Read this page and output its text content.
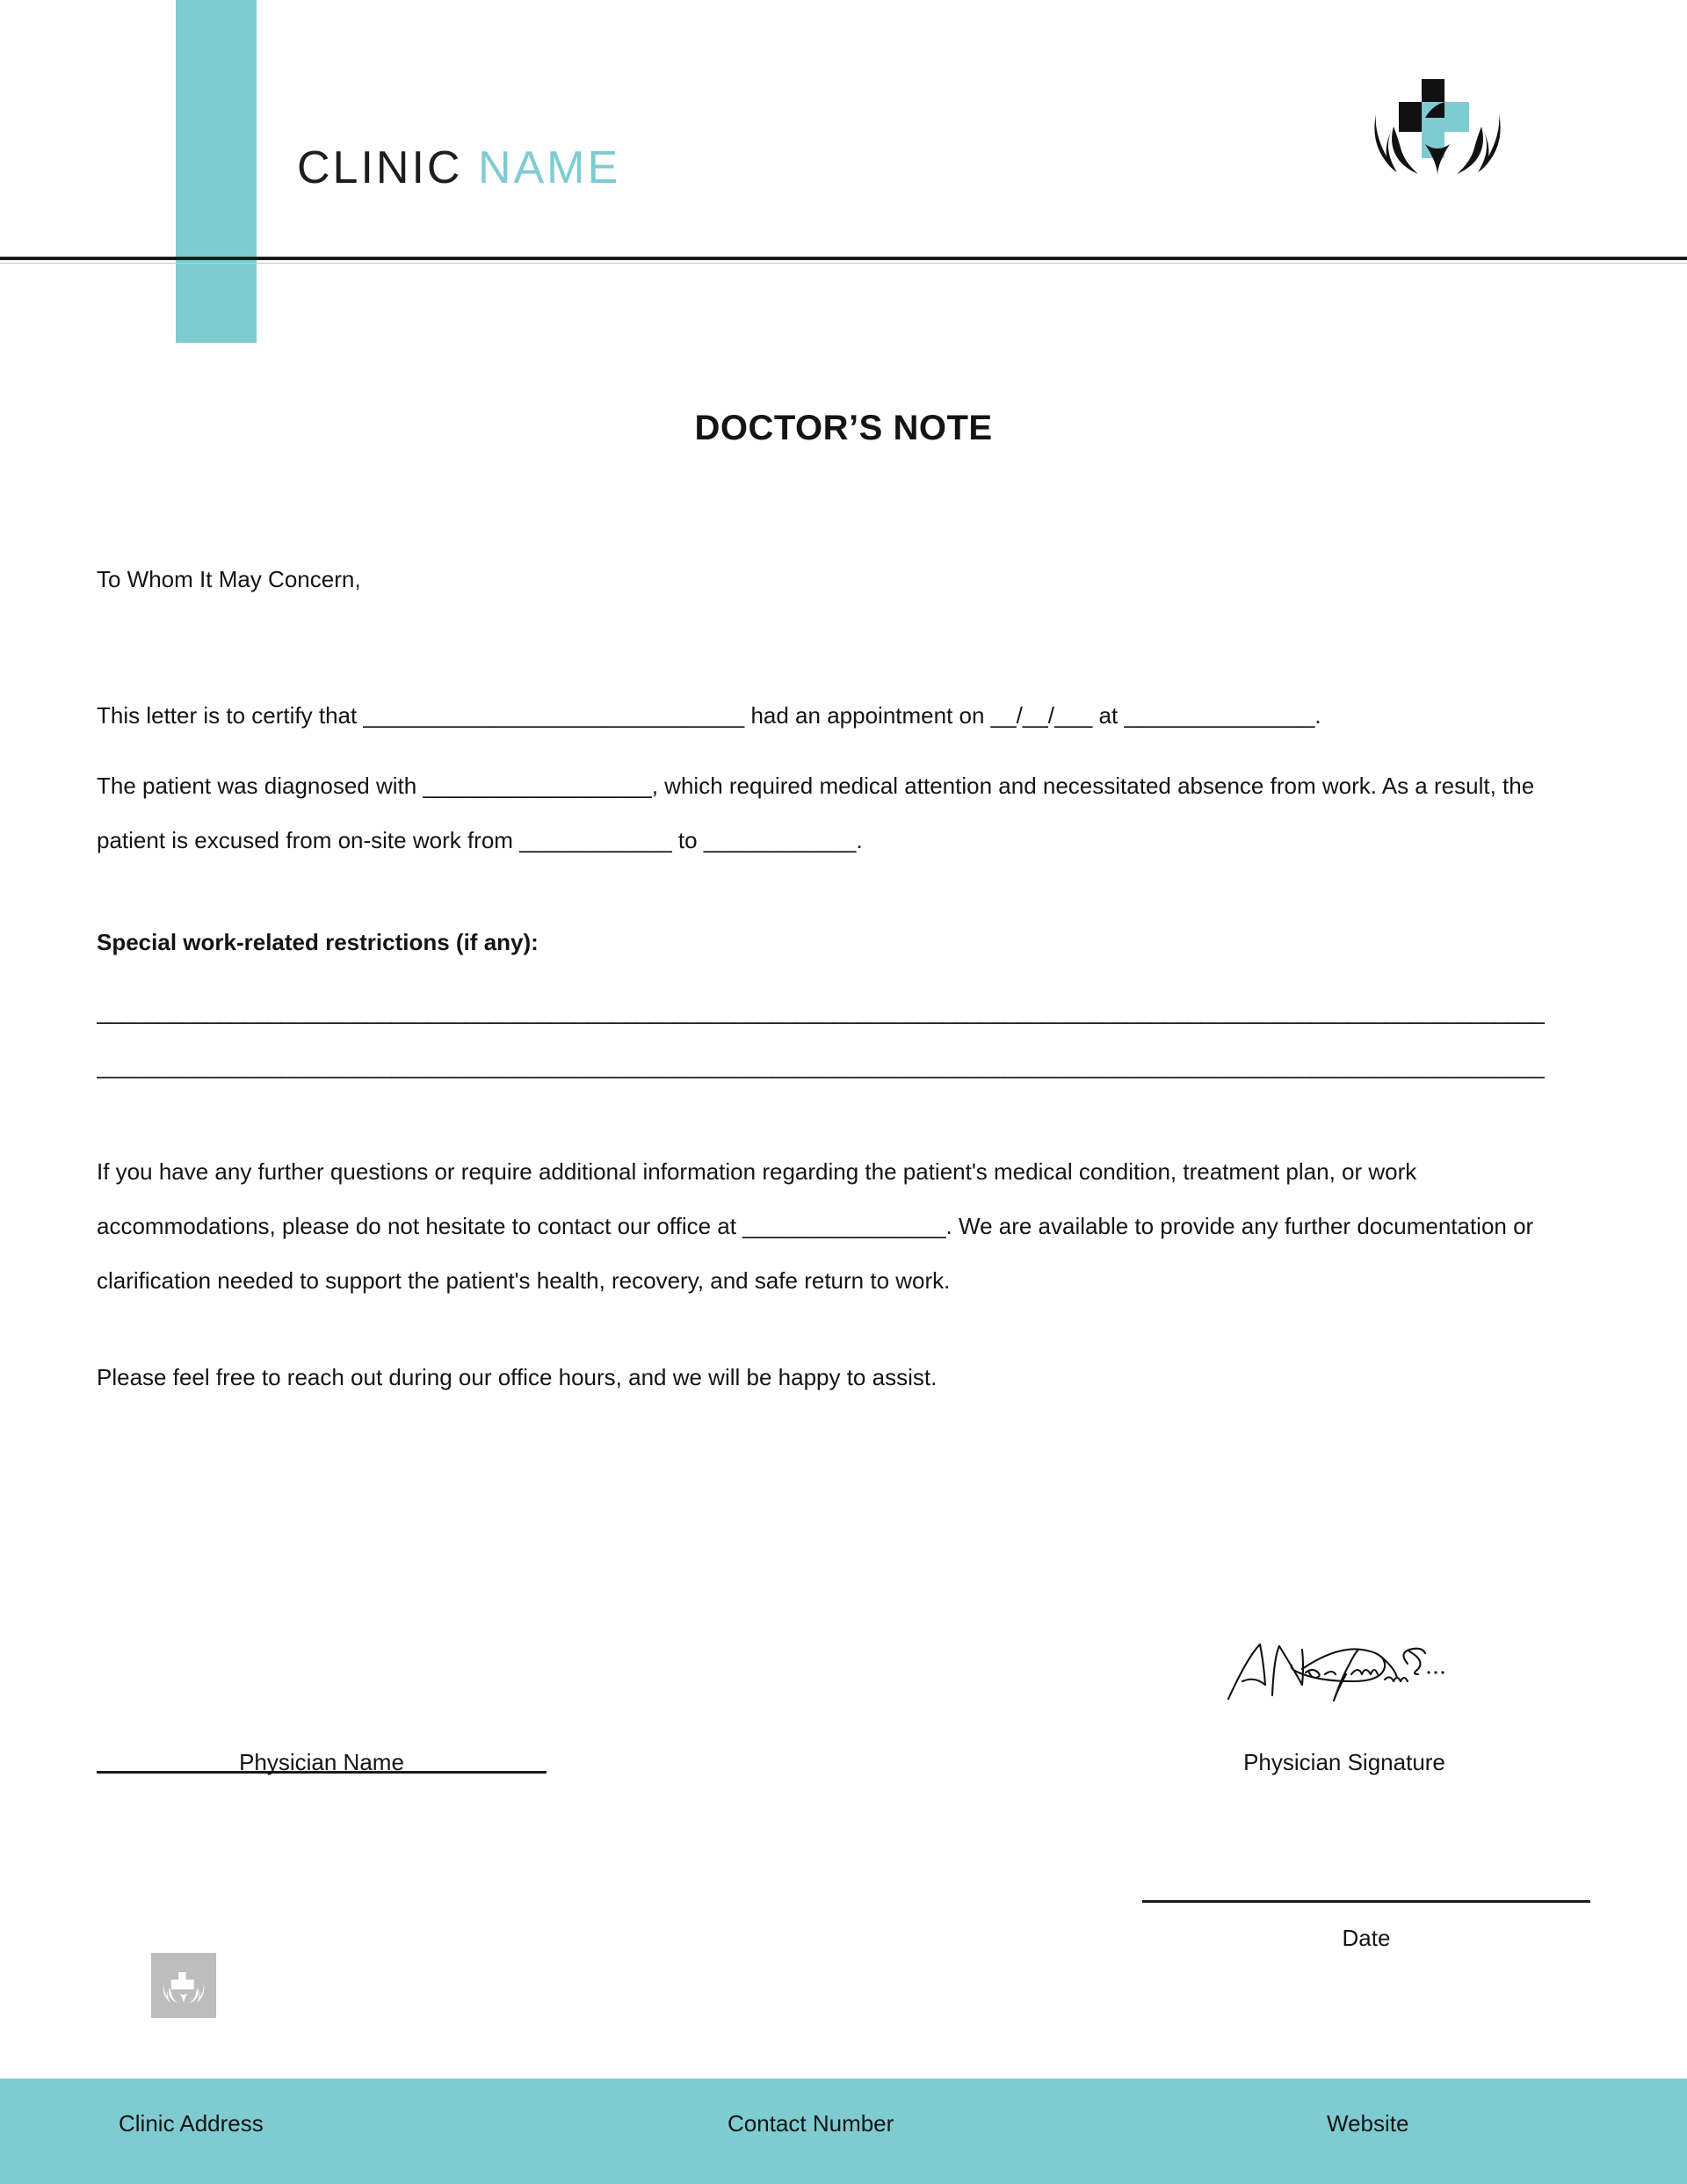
CLINIC NAME
DOCTOR’S NOTE
To Whom It May Concern,
This letter is to certify that ______________________________ had an appointment on __/__/___ at _______________.
The patient was diagnosed with __________________, which required medical attention and necessitated absence from work. As a result, the patient is excused from on-site work from ____________ to ____________.
Special work-related restrictions (if any):
______________________________________________________________________________________________________________________
______________________________________________________________________________________________________________________
If you have any further questions or require additional information regarding the patient's medical condition, treatment plan, or work accommodations, please do not hesitate to contact our office at ________________. We are available to provide any further documentation or clarification needed to support the patient's health, recovery, and safe return to work.
Please feel free to reach out during our office hours, and we will be happy to assist.
Physician Name	Physician Signature
Date
Clinic Address	Contact Number	Website
